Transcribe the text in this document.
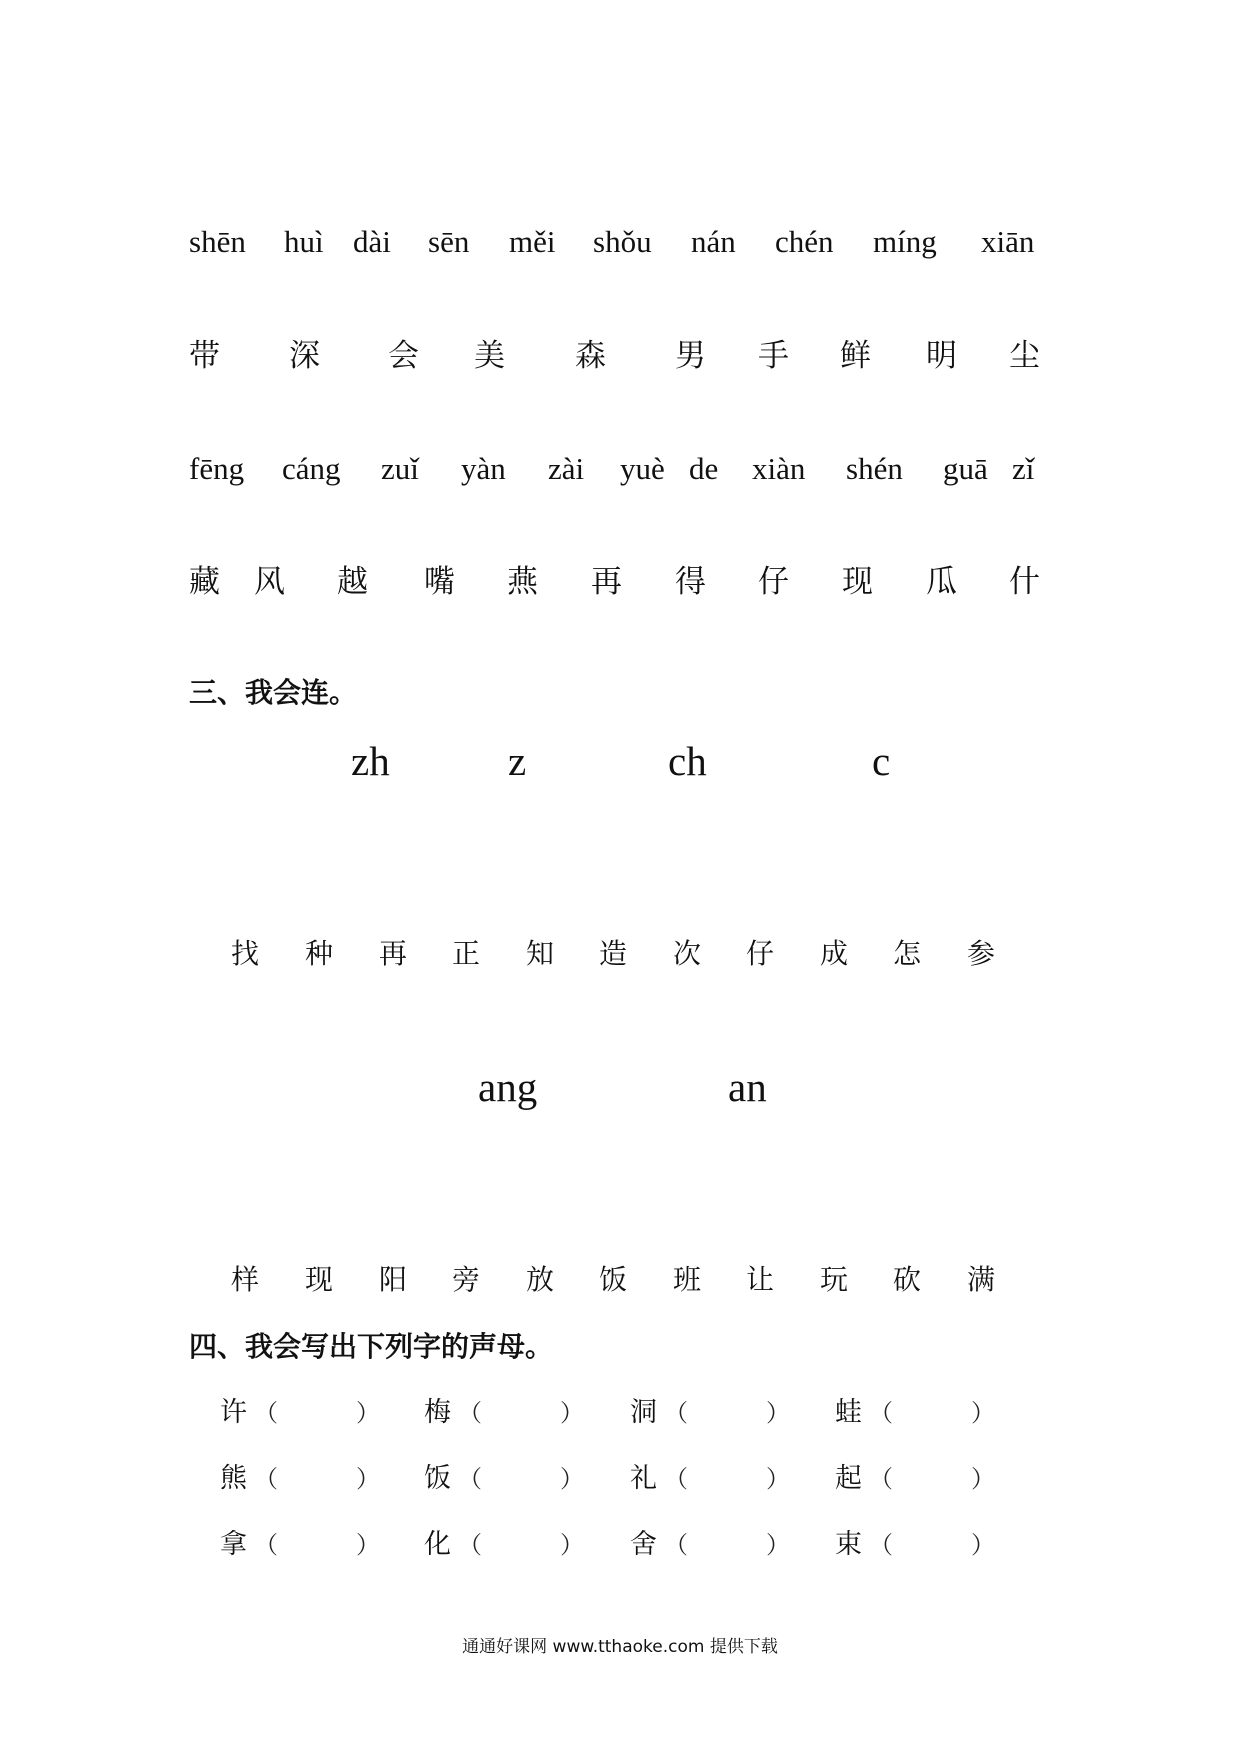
shēn huì dài sēn měi shǒu nán chén míng xiān
带 深 会 美 森 男 手 鲜 明 尘
fēng cáng zuǐ yàn zài yuè de xiàn shén guā zǐ
藏 风 越 嘴 燕 再 得 仔 现 瓜 什
三、我会连。
zh	z	ch	c
找 种 再 正 知 造 次 仔 成 怎 参
ang	an
样 现 阳 旁 放 饭 班 让 玩 砍 满
四、我会写出下列字的声母。
许 （	） 梅 （	） 洞 （	） 蛙 （	）
熊 （	） 饭 （	） 礼 （	） 起 （	）
拿 （	） 化 （	） 舍 （	） 束 （	）
通通好课网 www.tthaoke.com 提供下载
